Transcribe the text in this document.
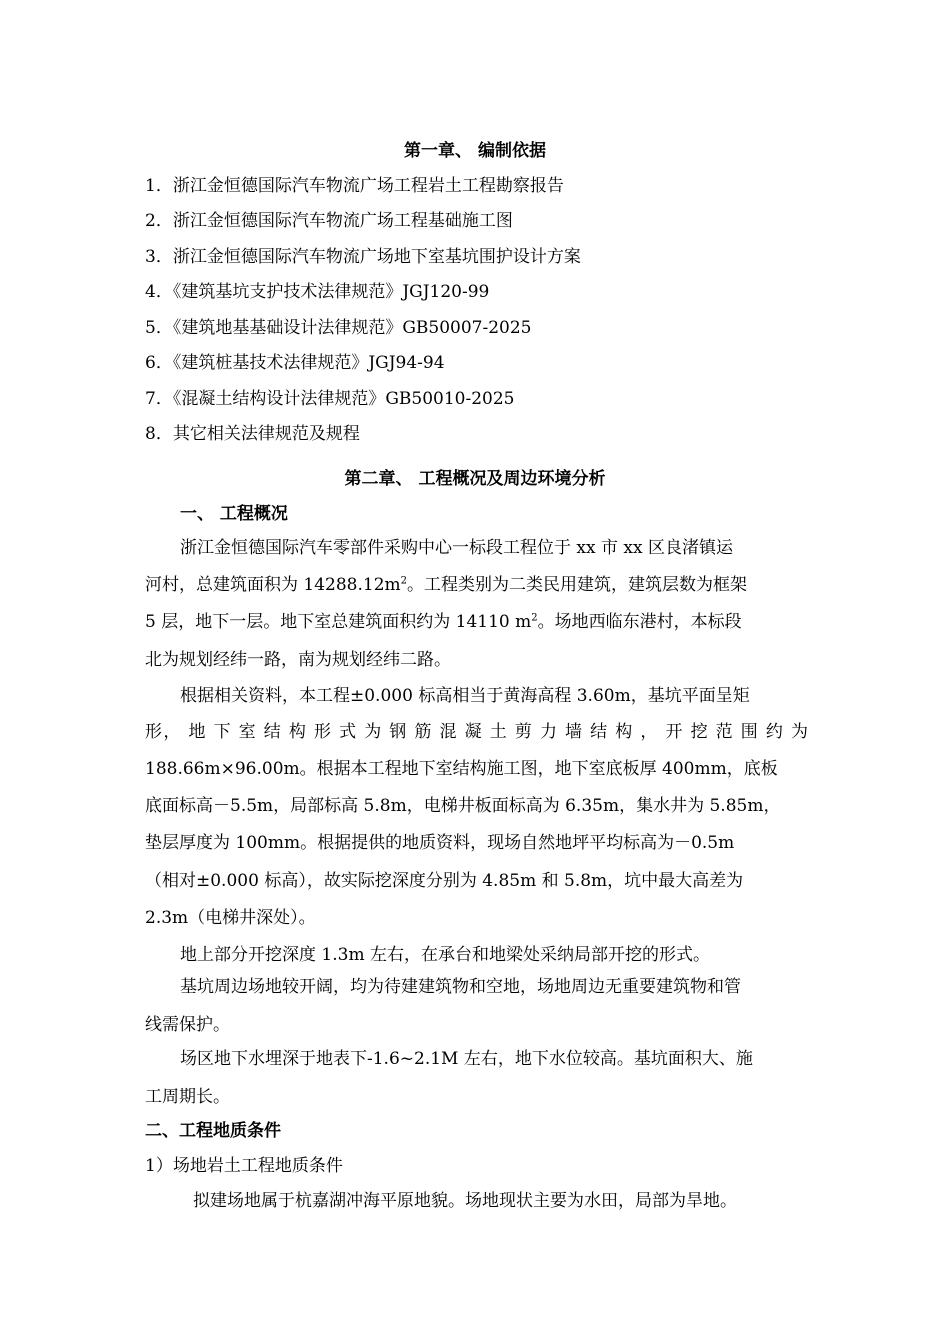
第一章、 编制依据
1．浙江金恒德国际汽车物流广场工程岩土工程勘察报告
2．浙江金恒德国际汽车物流广场工程基础施工图
3．浙江金恒德国际汽车物流广场地下室基坑围护设计方案
4．《建筑基坑支护技术法律规范》JGJ120-99
5．《建筑地基基础设计法律规范》GB50007-2025
6．《建筑桩基技术法律规范》JGJ94-94
7．《混凝土结构设计法律规范》GB50010-2025
8．其它相关法律规范及规程
第二章、 工程概况及周边环境分析
一、 工程概况
浙江金恒德国际汽车零部件采购中心一标段工程位于 xx 市 xx 区良渚镇运
河村，总建筑面积为 $14288.12m^2$。工程类别为二类民用建筑，建筑层数为框架
5 层，地下一层。地下室总建筑面积约为 14110 $m^2$。场地西临东港村，本标段
北为规划经纬一路，南为规划经纬二路。
根据相关资料，本工程±0.000 标高相当于黄海高程 3.60m，基坑平面呈矩
形， 地 下 室 结 构 形 式 为 钢 筋 混 凝 土 剪 力 墙 结 构 ， 开 挖 范 围 约 为
188.66m×96.00m。根据本工程地下室结构施工图，地下室底板厚 400mm，底板
底面标高－5.5m，局部标高 5.8m，电梯井板面标高为 6.35m，集水井为 5.85m，
垫层厚度为 100mm。根据提供的地质资料，现场自然地坪平均标高为－0.5m
（相对±0.000 标高），故实际挖深度分别为 4.85m 和 5.8m，坑中最大高差为
2.3m（电梯井深处）。
地上部分开挖深度 1.3m 左右，在承台和地梁处采纳局部开挖的形式。
基坑周边场地较开阔，均为待建建筑物和空地，场地周边无重要建筑物和管
线需保护。
场区地下水埋深于地表下-1.6~2.1M 左右，地下水位较高。基坑面积大、施
工周期长。
二、工程地质条件
1）场地岩土工程地质条件
拟建场地属于杭嘉湖冲海平原地貌。场地现状主要为水田，局部为旱地。
